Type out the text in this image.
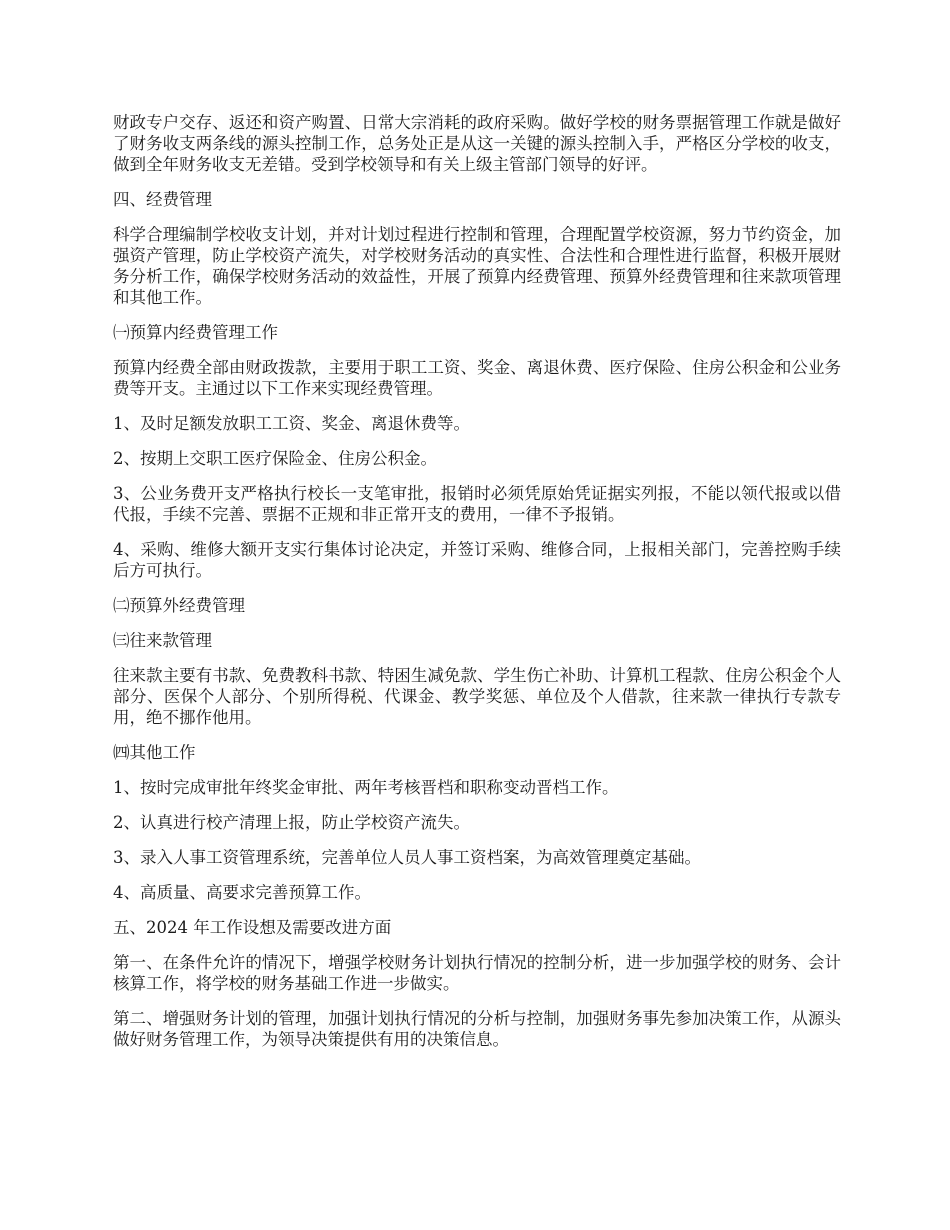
财政专户交存、返还和资产购置、日常大宗消耗的政府采购。做好学校的财务票据管理工作就是做好了财务收支两条线的源头控制工作，总务处正是从这一关键的源头控制入手，严格区分学校的收支，做到全年财务收支无差错。受到学校领导和有关上级主管部门领导的好评。

四、经费管理

科学合理编制学校收支计划，并对计划过程进行控制和管理，合理配置学校资源，努力节约资金，加强资产管理，防止学校资产流失，对学校财务活动的真实性、合法性和合理性进行监督，积极开展财务分析工作，确保学校财务活动的效益性，开展了预算内经费管理、预算外经费管理和往来款项管理和其他工作。

㈠预算内经费管理工作

预算内经费全部由财政拨款，主要用于职工工资、奖金、离退休费、医疗保险、住房公积金和公业务费等开支。主通过以下工作来实现经费管理。

1、及时足额发放职工工资、奖金、离退休费等。

2、按期上交职工医疗保险金、住房公积金。

3、公业务费开支严格执行校长一支笔审批，报销时必须凭原始凭证据实列报，不能以领代报或以借代报，手续不完善、票据不正规和非正常开支的费用，一律不予报销。

4、采购、维修大额开支实行集体讨论决定，并签订采购、维修合同，上报相关部门，完善控购手续后方可执行。

㈡预算外经费管理

㈢往来款管理

往来款主要有书款、免费教科书款、特困生减免款、学生伤亡补助、计算机工程款、住房公积金个人部分、医保个人部分、个别所得税、代课金、教学奖惩、单位及个人借款，往来款一律执行专款专用，绝不挪作他用。

㈣其他工作

1、按时完成审批年终奖金审批、两年考核晋档和职称变动晋档工作。

2、认真进行校产清理上报，防止学校资产流失。

3、录入人事工资管理系统，完善单位人员人事工资档案，为高效管理奠定基础。

4、高质量、高要求完善预算工作。

五、2024 年工作设想及需要改进方面

第一、在条件允许的情况下，增强学校财务计划执行情况的控制分析，进一步加强学校的财务、会计核算工作，将学校的财务基础工作进一步做实。

第二、增强财务计划的管理，加强计划执行情况的分析与控制，加强财务事先参加决策工作，从源头做好财务管理工作，为领导决策提供有用的决策信息。
